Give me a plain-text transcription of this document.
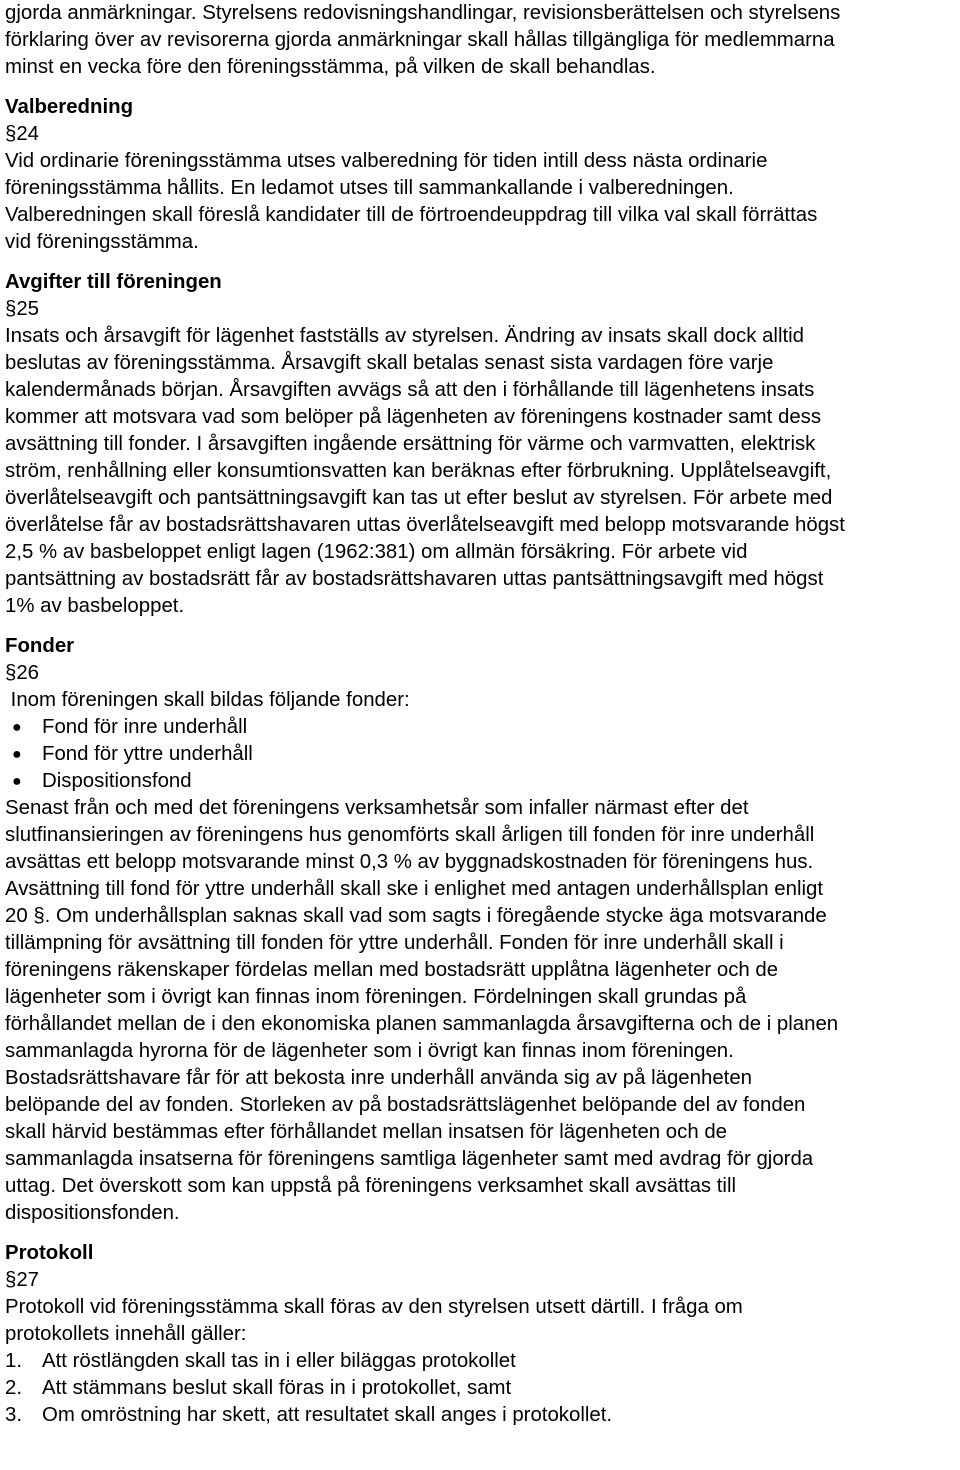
gjorda anmärkningar. Styrelsens redovisningshandlingar, revisionsberättelsen och styrelsens
förklaring över av revisorerna gjorda anmärkningar skall hållas tillgängliga för medlemmarna
minst en vecka före den föreningsstämma, på vilken de skall behandlas.

Valberedning

§24

Vid ordinarie föreningsstämma utses valberedning för tiden intill dess nästa ordinarie
föreningsstämma hållits. En ledamot utses till sammankallande i valberedningen.
Valberedningen skall föreslå kandidater till de förtroendeuppdrag till vilka val skall förrättas
vid föreningsstämma.

Avgifter till föreningen

§25

Insats och årsavgift för lägenhet fastställs av styrelsen. Ändring av insats skall dock alltid
beslutas av föreningsstämma. Årsavgift skall betalas senast sista vardagen före varje
kalendermånads början. Årsavgiften avvägs så att den i förhållande till lägenhetens insats
kommer att motsvara vad som belöper på lägenheten av föreningens kostnader samt dess
avsättning till fonder. I årsavgiften ingående ersättning för värme och varmvatten, elektrisk
ström, renhållning eller konsumtionsvatten kan beräknas efter förbrukning. Upplåtelseavgift,
överlåtelseavgift och pantsättningsavgift kan tas ut efter beslut av styrelsen. För arbete med
överlåtelse får av bostadsrättshavaren uttas överlåtelseavgift med belopp motsvarande högst
2,5 % av basbeloppet enligt lagen (1962:381) om allmän försäkring. För arbete vid
pantsättning av bostadsrätt får av bostadsrättshavaren uttas pantsättningsavgift med högst
1% av basbeloppet.

Fonder

§26

Inom föreningen skall bildas följande fonder:

● Fond för inre underhåll
● Fond för yttre underhåll
● Dispositionsfond

Senast från och med det föreningens verksamhetsår som infaller närmast efter det
slutfinansieringen av föreningens hus genomförts skall årligen till fonden för inre underhåll
avsättas ett belopp motsvarande minst 0,3 % av byggnadskostnaden för föreningens hus.
Avsättning till fond för yttre underhåll skall ske i enlighet med antagen underhållsplan enligt
20 §. Om underhållsplan saknas skall vad som sagts i föregående stycke äga motsvarande
tillämpning för avsättning till fonden för yttre underhåll. Fonden för inre underhåll skall i
föreningens räkenskaper fördelas mellan med bostadsrätt upplåtna lägenheter och de
lägenheter som i övrigt kan finnas inom föreningen. Fördelningen skall grundas på
förhållandet mellan de i den ekonomiska planen sammanlagda årsavgifterna och de i planen
sammanlagda hyrorna för de lägenheter som i övrigt kan finnas inom föreningen.
Bostadsrättshavare får för att bekosta inre underhåll använda sig av på lägenheten
belöpande del av fonden. Storleken av på bostadsrättslägenhet belöpande del av fonden
skall härvid bestämmas efter förhållandet mellan insatsen för lägenheten och de
sammanlagda insatserna för föreningens samtliga lägenheter samt med avdrag för gjorda
uttag. Det överskott som kan uppstå på föreningens verksamhet skall avsättas till
dispositionsfonden.

Protokoll

§27

Protokoll vid föreningsstämma skall föras av den styrelsen utsett därtill. I fråga om
protokollets innehåll gäller:

1. Att röstlängden skall tas in i eller biläggas protokollet
2. Att stämmans beslut skall föras in i protokollet, samt
3. Om omröstning har skett, att resultatet skall anges i protokollet.
